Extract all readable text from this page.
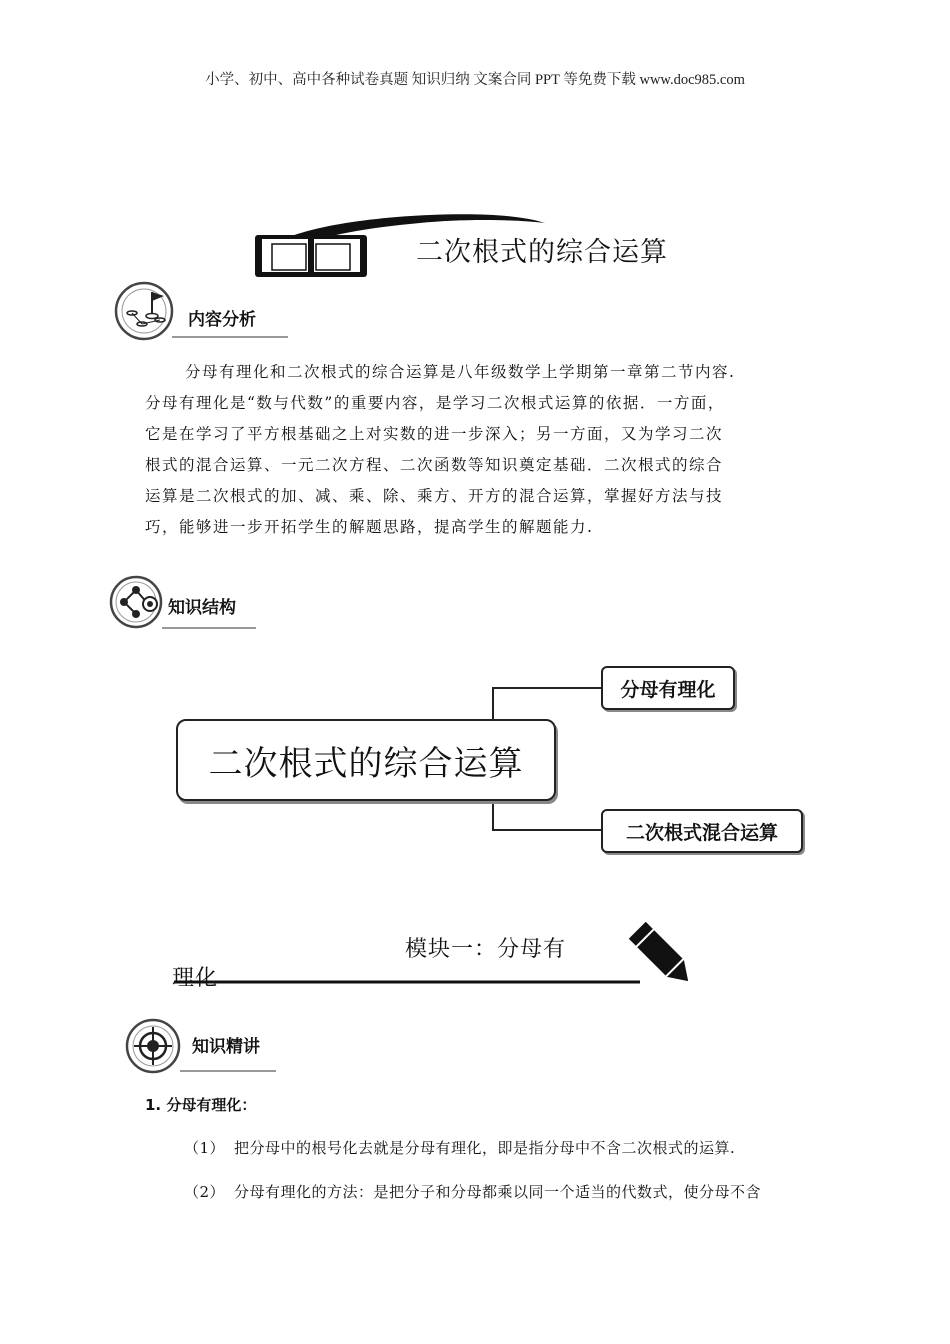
小学、初中、高中各种试卷真题 知识归纳 文案合同 PPT 等免费下载 www.doc985.com
二次根式的综合运算
内容分析

分母有理化和二次根式的综合运算是八年级数学上学期第一章第二节内容.

分母有理化是“数与代数”的重要内容，是学习二次根式运算的依据．一方面，

它是在学习了平方根基础之上对实数的进一步深入；另一方面，又为学习二次

根式的混合运算、一元二次方程、二次函数等知识奠定基础．二次根式的综合

运算是二次根式的加、减、乘、除、乘方、开方的混合运算，掌握好方法与技

巧，能够进一步开拓学生的解题思路，提高学生的解题能力.

知识结构
二次根式的综合运算
分母有理化
二次根式混合运算
模块一：分母有
理化
知识精讲
1. 分母有理化：
（1） 把分母中的根号化去就是分母有理化，即是指分母中不含二次根式的运算.
（2） 分母有理化的方法：是把分子和分母都乘以同一个适当的代数式，使分母不含
